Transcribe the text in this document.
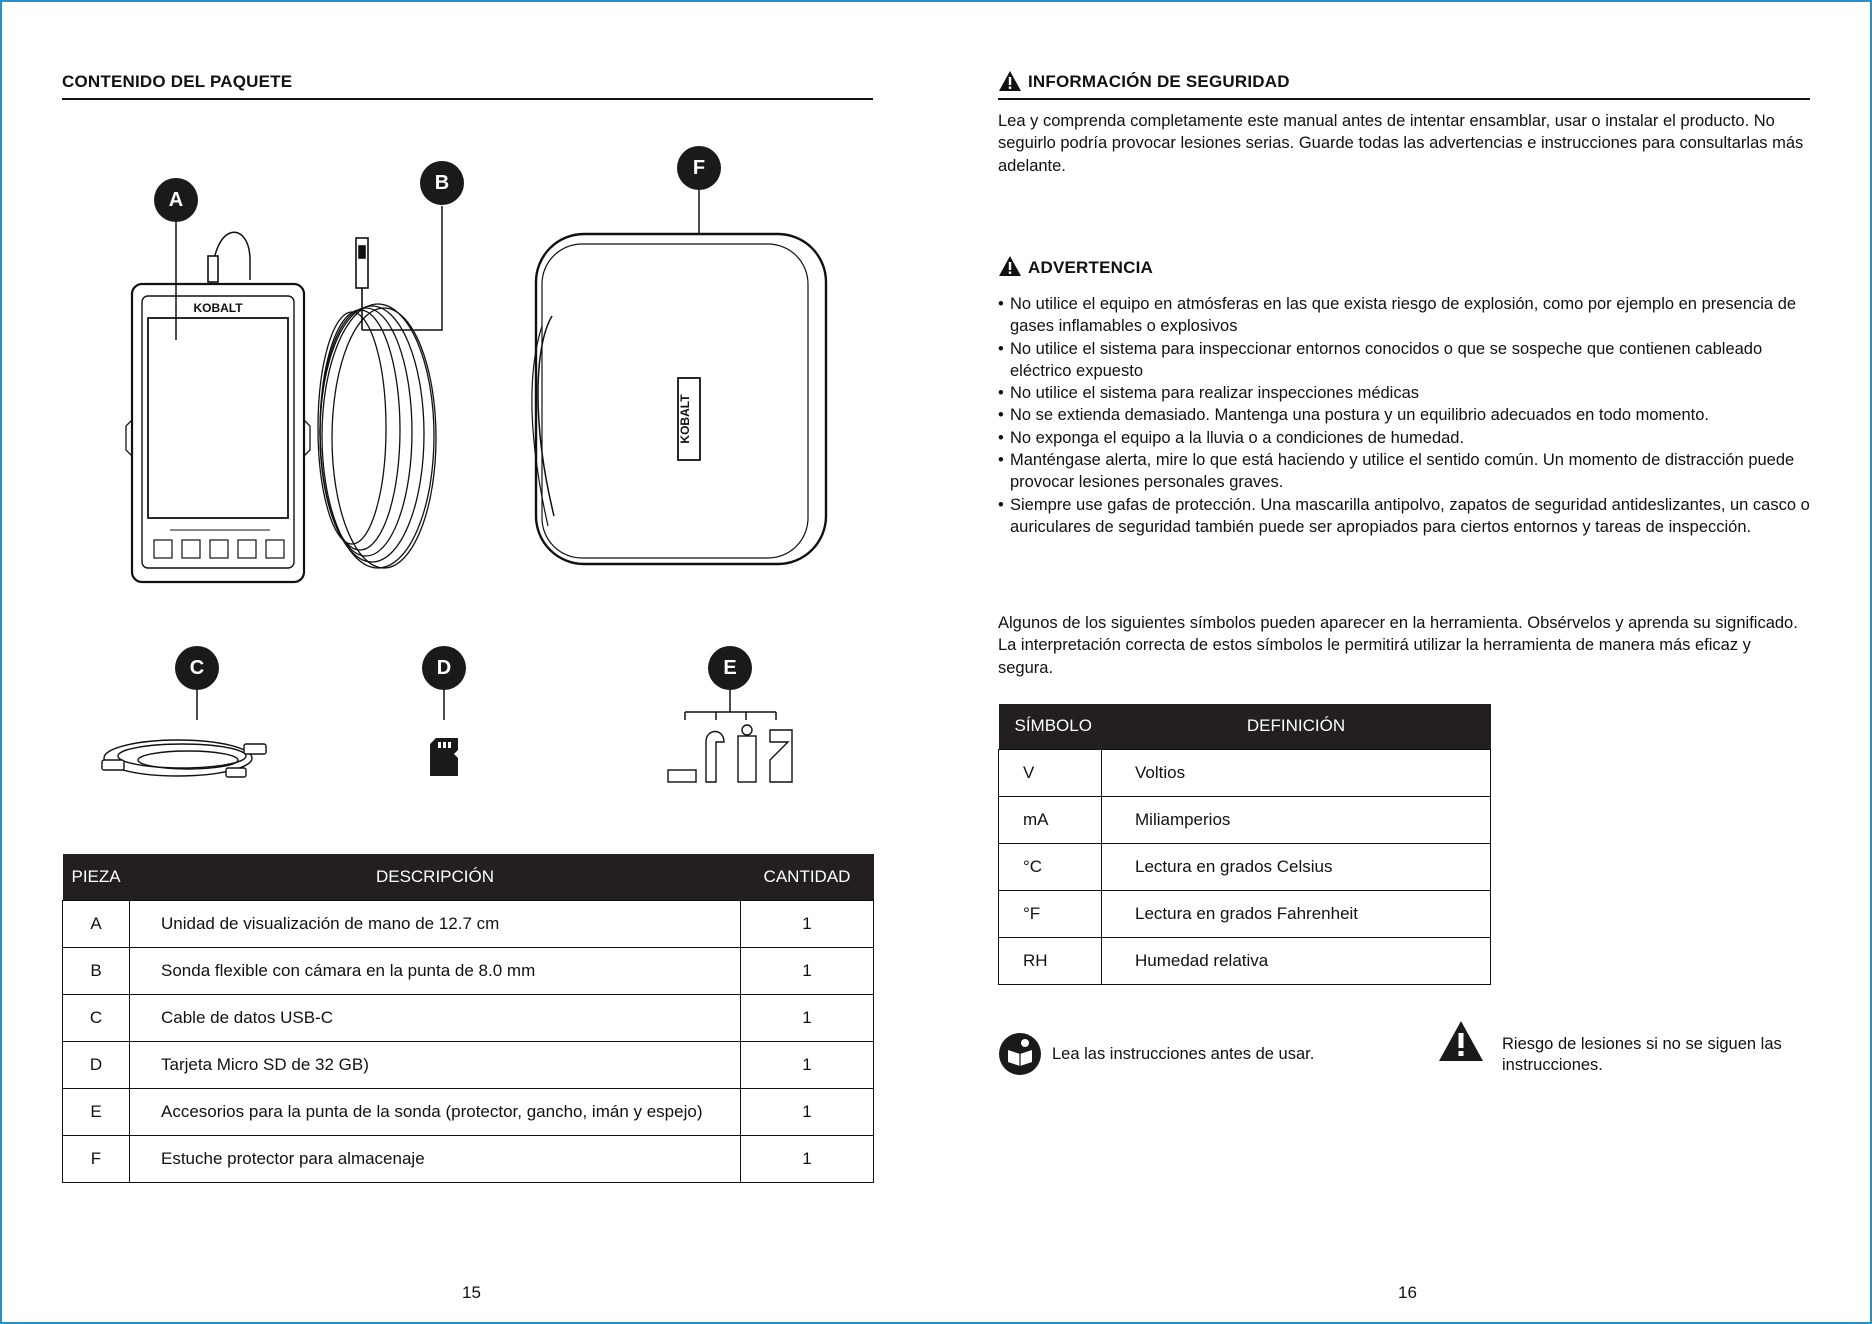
CONTENIDO DEL PAQUETE
KOBALT
KOBALT
A
B
F
C	D	E
PIEZA	DESCRIPCIÓN	CANTIDAD
A	Unidad de visualización de mano de 12.7 cm	1
B	Sonda flexible con cámara en la punta de 8.0 mm	1
C	Cable de datos USB-C	1
D	Tarjeta Micro SD de 32 GB)	1
E	Accesorios para la punta de la sonda (protector, gancho, imán y espejo)	1
F	Estuche protector para almacenaje	1
15
INFORMACIÓN DE SEGURIDAD
Lea y comprenda completamente este manual antes de intentar ensamblar, usar o instalar el producto. No seguirlo podría provocar lesiones serias. Guarde todas las advertencias e instrucciones para consultarlas más adelante.
ADVERTENCIA
• No utilice el equipo en atmósferas en las que exista riesgo de explosión, como por ejemplo en presencia de gases inflamables o explosivos
• No utilice el sistema para inspeccionar entornos conocidos o que se sospeche que contienen cableado eléctrico expuesto
• No utilice el sistema para realizar inspecciones médicas
• No se extienda demasiado. Mantenga una postura y un equilibrio adecuados en todo momento.
• No exponga el equipo a la lluvia o a condiciones de humedad.
• Manténgase alerta, mire lo que está haciendo y utilice el sentido común. Un momento de distracción puede provocar lesiones personales graves.
• Siempre use gafas de protección. Una mascarilla antipolvo, zapatos de seguridad antideslizantes, un casco o auriculares de seguridad también puede ser apropiados para ciertos entornos y tareas de inspección.
Algunos de los siguientes símbolos pueden aparecer en la herramienta. Obsérvelos y aprenda su significado. La interpretación correcta de estos símbolos le permitirá utilizar la herramienta de manera más eficaz y segura.
SÍMBOLO	DEFINICIÓN
V	Voltios
mA	Miliamperios
°C	Lectura en grados Celsius
°F	Lectura en grados Fahrenheit
RH	Humedad relativa
Lea las instrucciones antes de usar.
Riesgo de lesiones si no se siguen las instrucciones.
16
